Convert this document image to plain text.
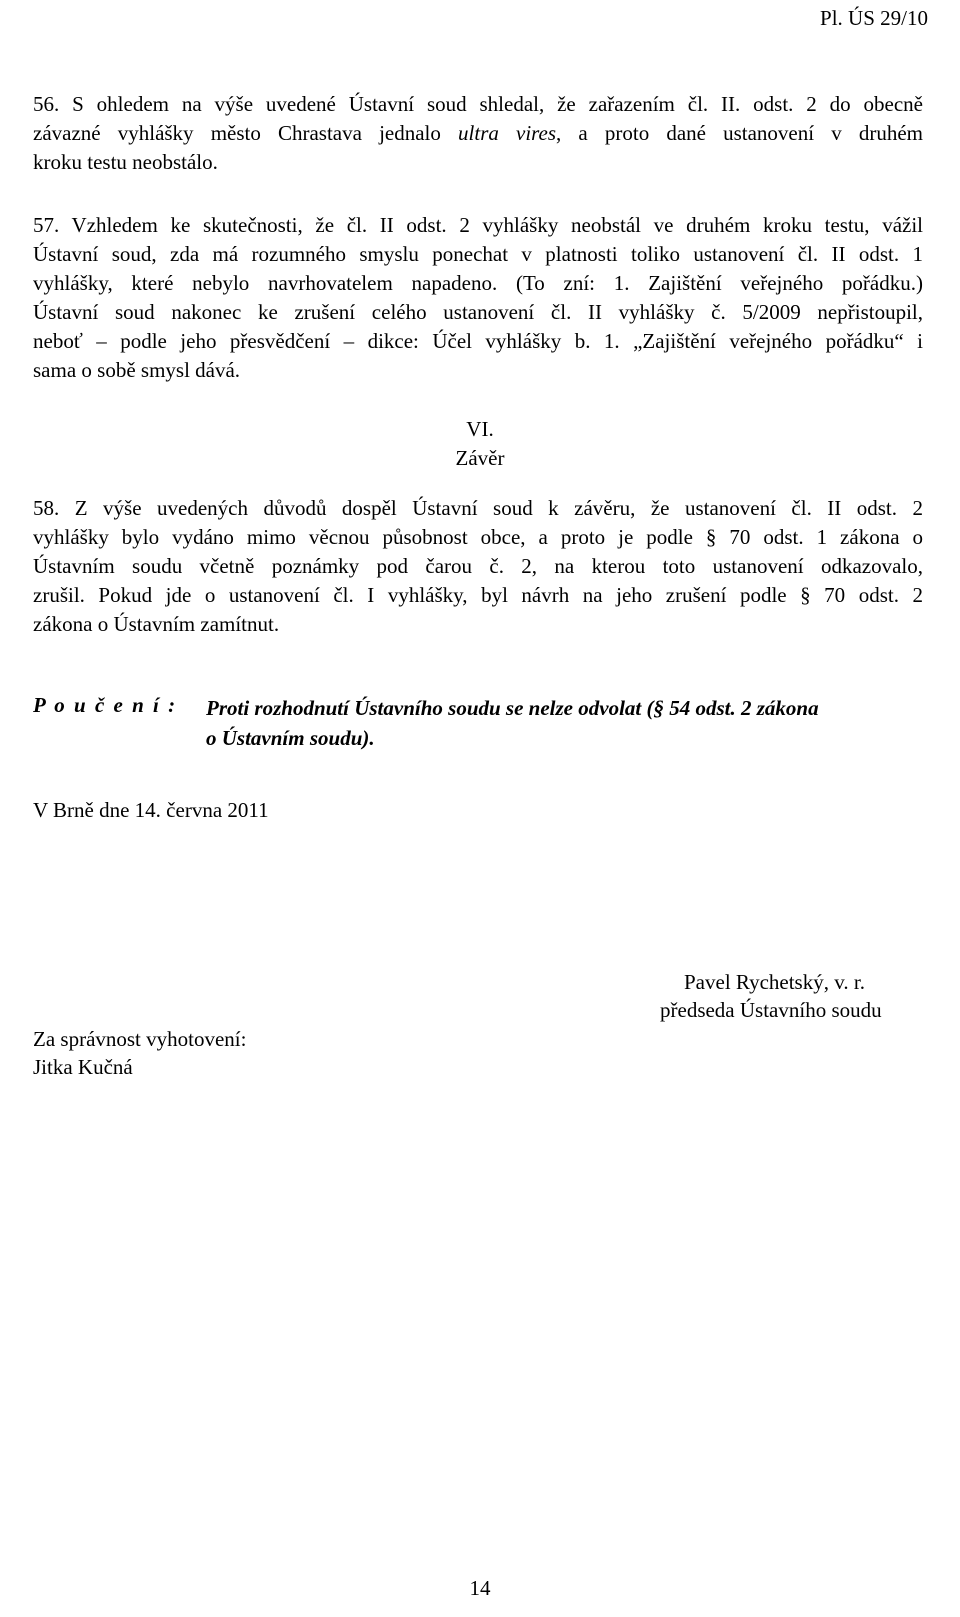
Pl. ÚS 29/10

56. S ohledem na výše uvedené Ústavní soud shledal, že zařazením čl. II. odst. 2 do obecně
závazné vyhlášky město Chrastava jednalo ultra vires, a proto dané ustanovení v druhém
kroku testu neobstálo.

57. Vzhledem ke skutečnosti, že čl. II odst. 2 vyhlášky neobstál ve druhém kroku testu, vážil
Ústavní soud, zda má rozumného smyslu ponechat v platnosti toliko ustanovení čl. II odst. 1
vyhlášky, které nebylo navrhovatelem napadeno. (To zní: 1. Zajištění veřejného pořádku.)
Ústavní soud nakonec ke zrušení celého ustanovení čl. II vyhlášky č. 5/2009 nepřistoupil,
neboť – podle jeho přesvědčení – dikce: Účel vyhlášky b. 1. „Zajištění veřejného pořádku“ i
sama o sobě smysl dává.

VI.
Závěr

58. Z výše uvedených důvodů dospěl Ústavní soud k závěru, že ustanovení čl. II odst. 2
vyhlášky bylo vydáno mimo věcnou působnost obce, a proto je podle § 70 odst. 1 zákona o
Ústavním soudu včetně poznámky pod čarou č. 2, na kterou toto ustanovení odkazovalo,
zrušil. Pokud jde o ustanovení čl. I vyhlášky, byl návrh na jeho zrušení podle § 70 odst. 2
zákona o Ústavním zamítnut.

P o u č e n í : Proti rozhodnutí Ústavního soudu se nelze odvolat (§ 54 odst. 2 zákona
o Ústavním soudu).
V Brně dne 14. června 2011
Pavel Rychetský, v. r.
předseda Ústavního soudu
Za správnost vyhotovení:
Jitka Kučná
14
